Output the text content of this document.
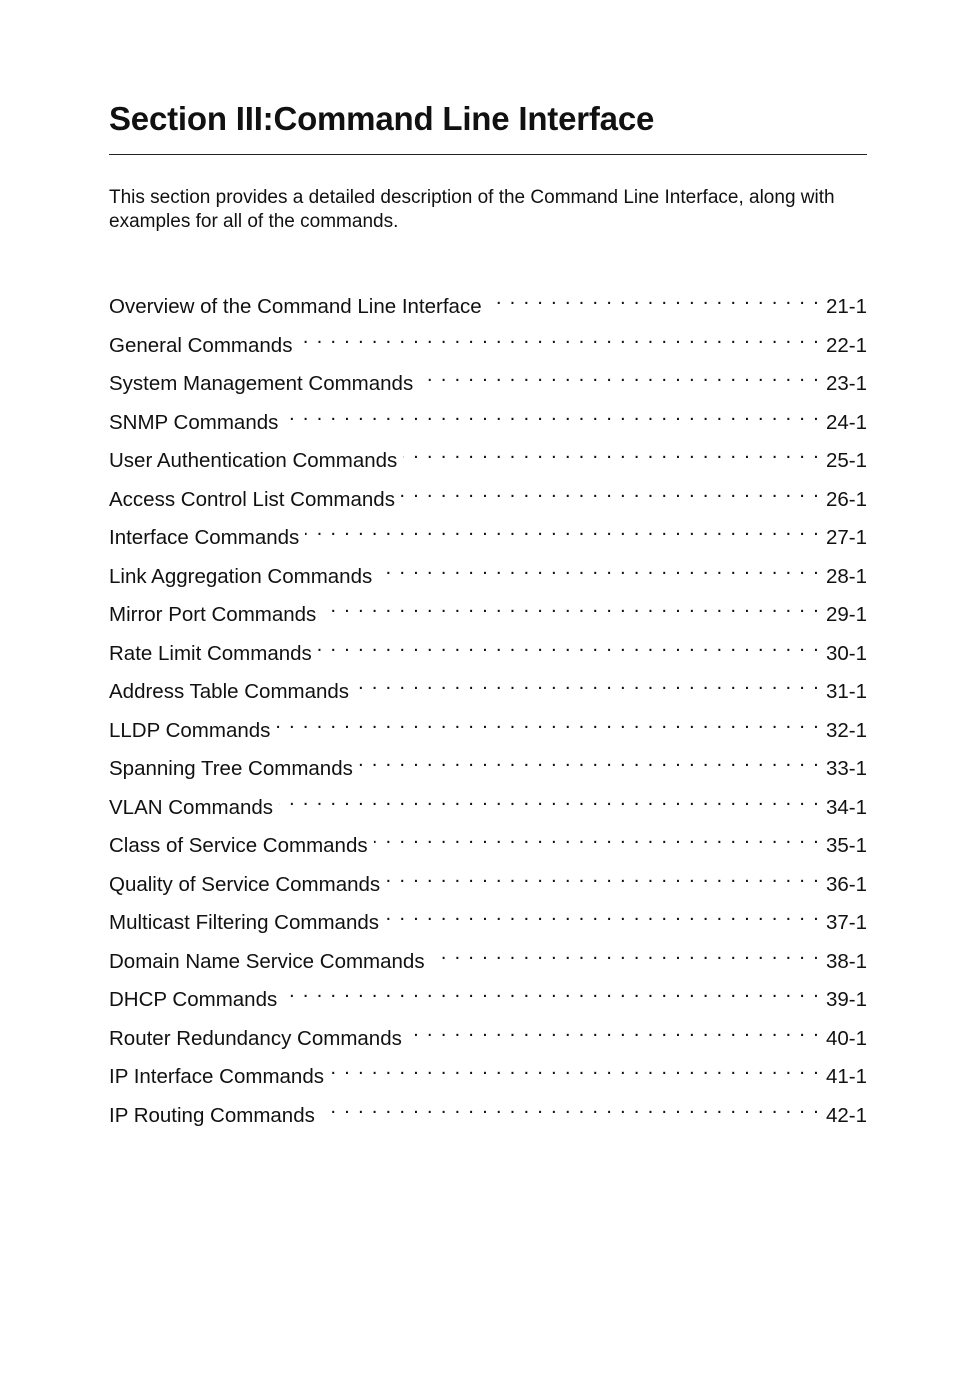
Section III:Command Line Interface

This section provides a detailed description of the Command Line Interface, along with examples for all of the commands.

Overview of the Command Line Interface . . .	21-1
General Commands . . .	22-1
System Management Commands . . .	23-1
SNMP Commands . . .	24-1
User Authentication Commands . . .	25-1
Access Control List Commands . . .	26-1
Interface Commands . . .	27-1
Link Aggregation Commands . . .	28-1
Mirror Port Commands . . .	29-1
Rate Limit Commands . . .	30-1
Address Table Commands . . .	31-1
LLDP Commands . . .	32-1
Spanning Tree Commands . . .	33-1
VLAN Commands . . .	34-1
Class of Service Commands . . .	35-1
Quality of Service Commands . . .	36-1
Multicast Filtering Commands . . .	37-1
Domain Name Service Commands . . .	38-1
DHCP Commands . . .	39-1
Router Redundancy Commands . . .	40-1
IP Interface Commands . . .	41-1
IP Routing Commands . . .	42-1
